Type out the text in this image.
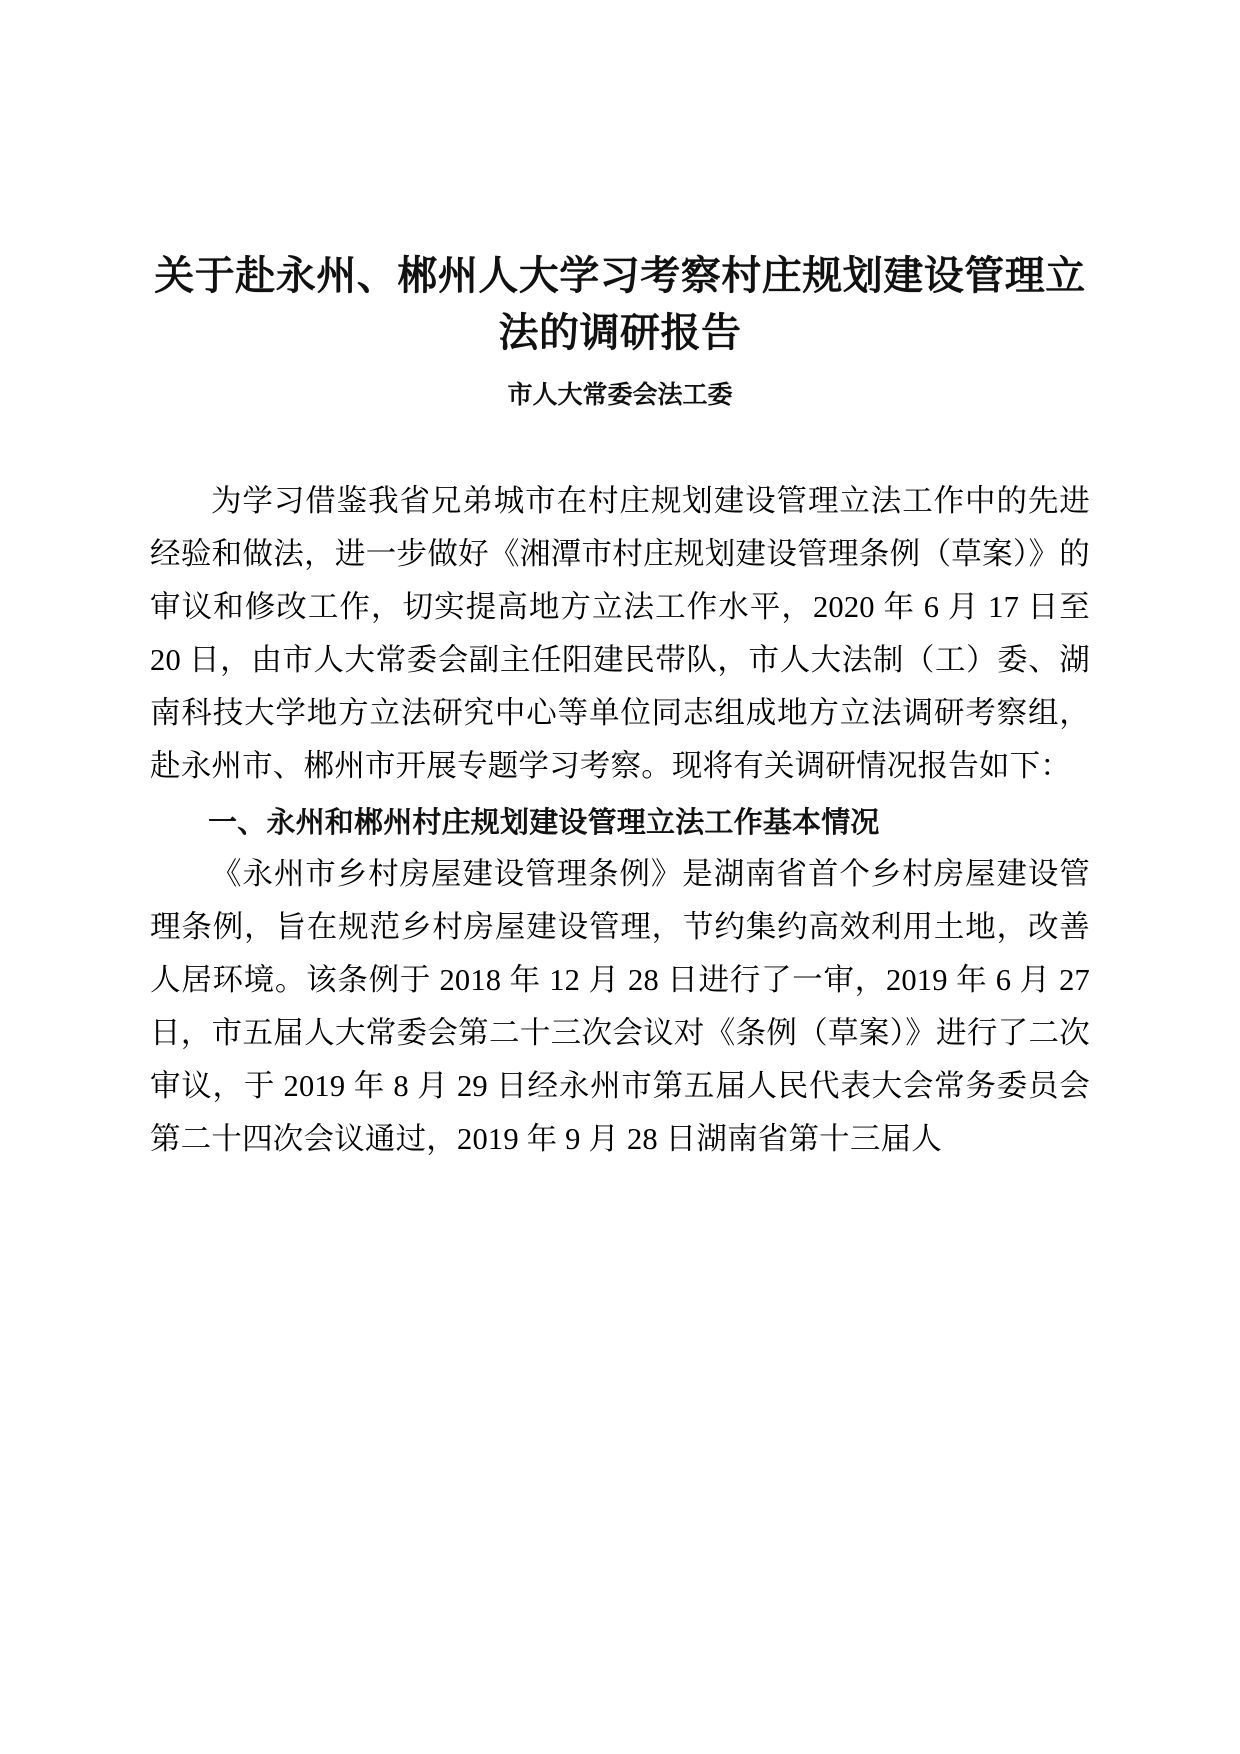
关于赴永州、郴州人大学习考察村庄规划建设管理立法的调研报告
市人大常委会法工委

为学习借鉴我省兄弟城市在村庄规划建设管理立法工作中的先进经验和做法，进一步做好《湘潭市村庄规划建设管理条例（草案）》的审议和修改工作，切实提高地方立法工作水平，2020 年 6 月 17 日至 20 日，由市人大常委会副主任阳建民带队，市人大法制（工）委、湖南科技大学地方立法研究中心等单位同志组成地方立法调研考察组，赴永州市、郴州市开展专题学习考察。现将有关调研情况报告如下：

一、永州和郴州村庄规划建设管理立法工作基本情况

《永州市乡村房屋建设管理条例》是湖南省首个乡村房屋建设管理条例，旨在规范乡村房屋建设管理，节约集约高效利用土地，改善人居环境。该条例于 2018 年 12 月 28 日进行了一审，2019 年 6 月 27 日，市五届人大常委会第二十三次会议对《条例（草案）》进行了二次审议，于 2019 年 8 月 29 日经永州市第五届人民代表大会常务委员会第二十四次会议通过，2019 年 9 月 28 日湖南省第十三届人
